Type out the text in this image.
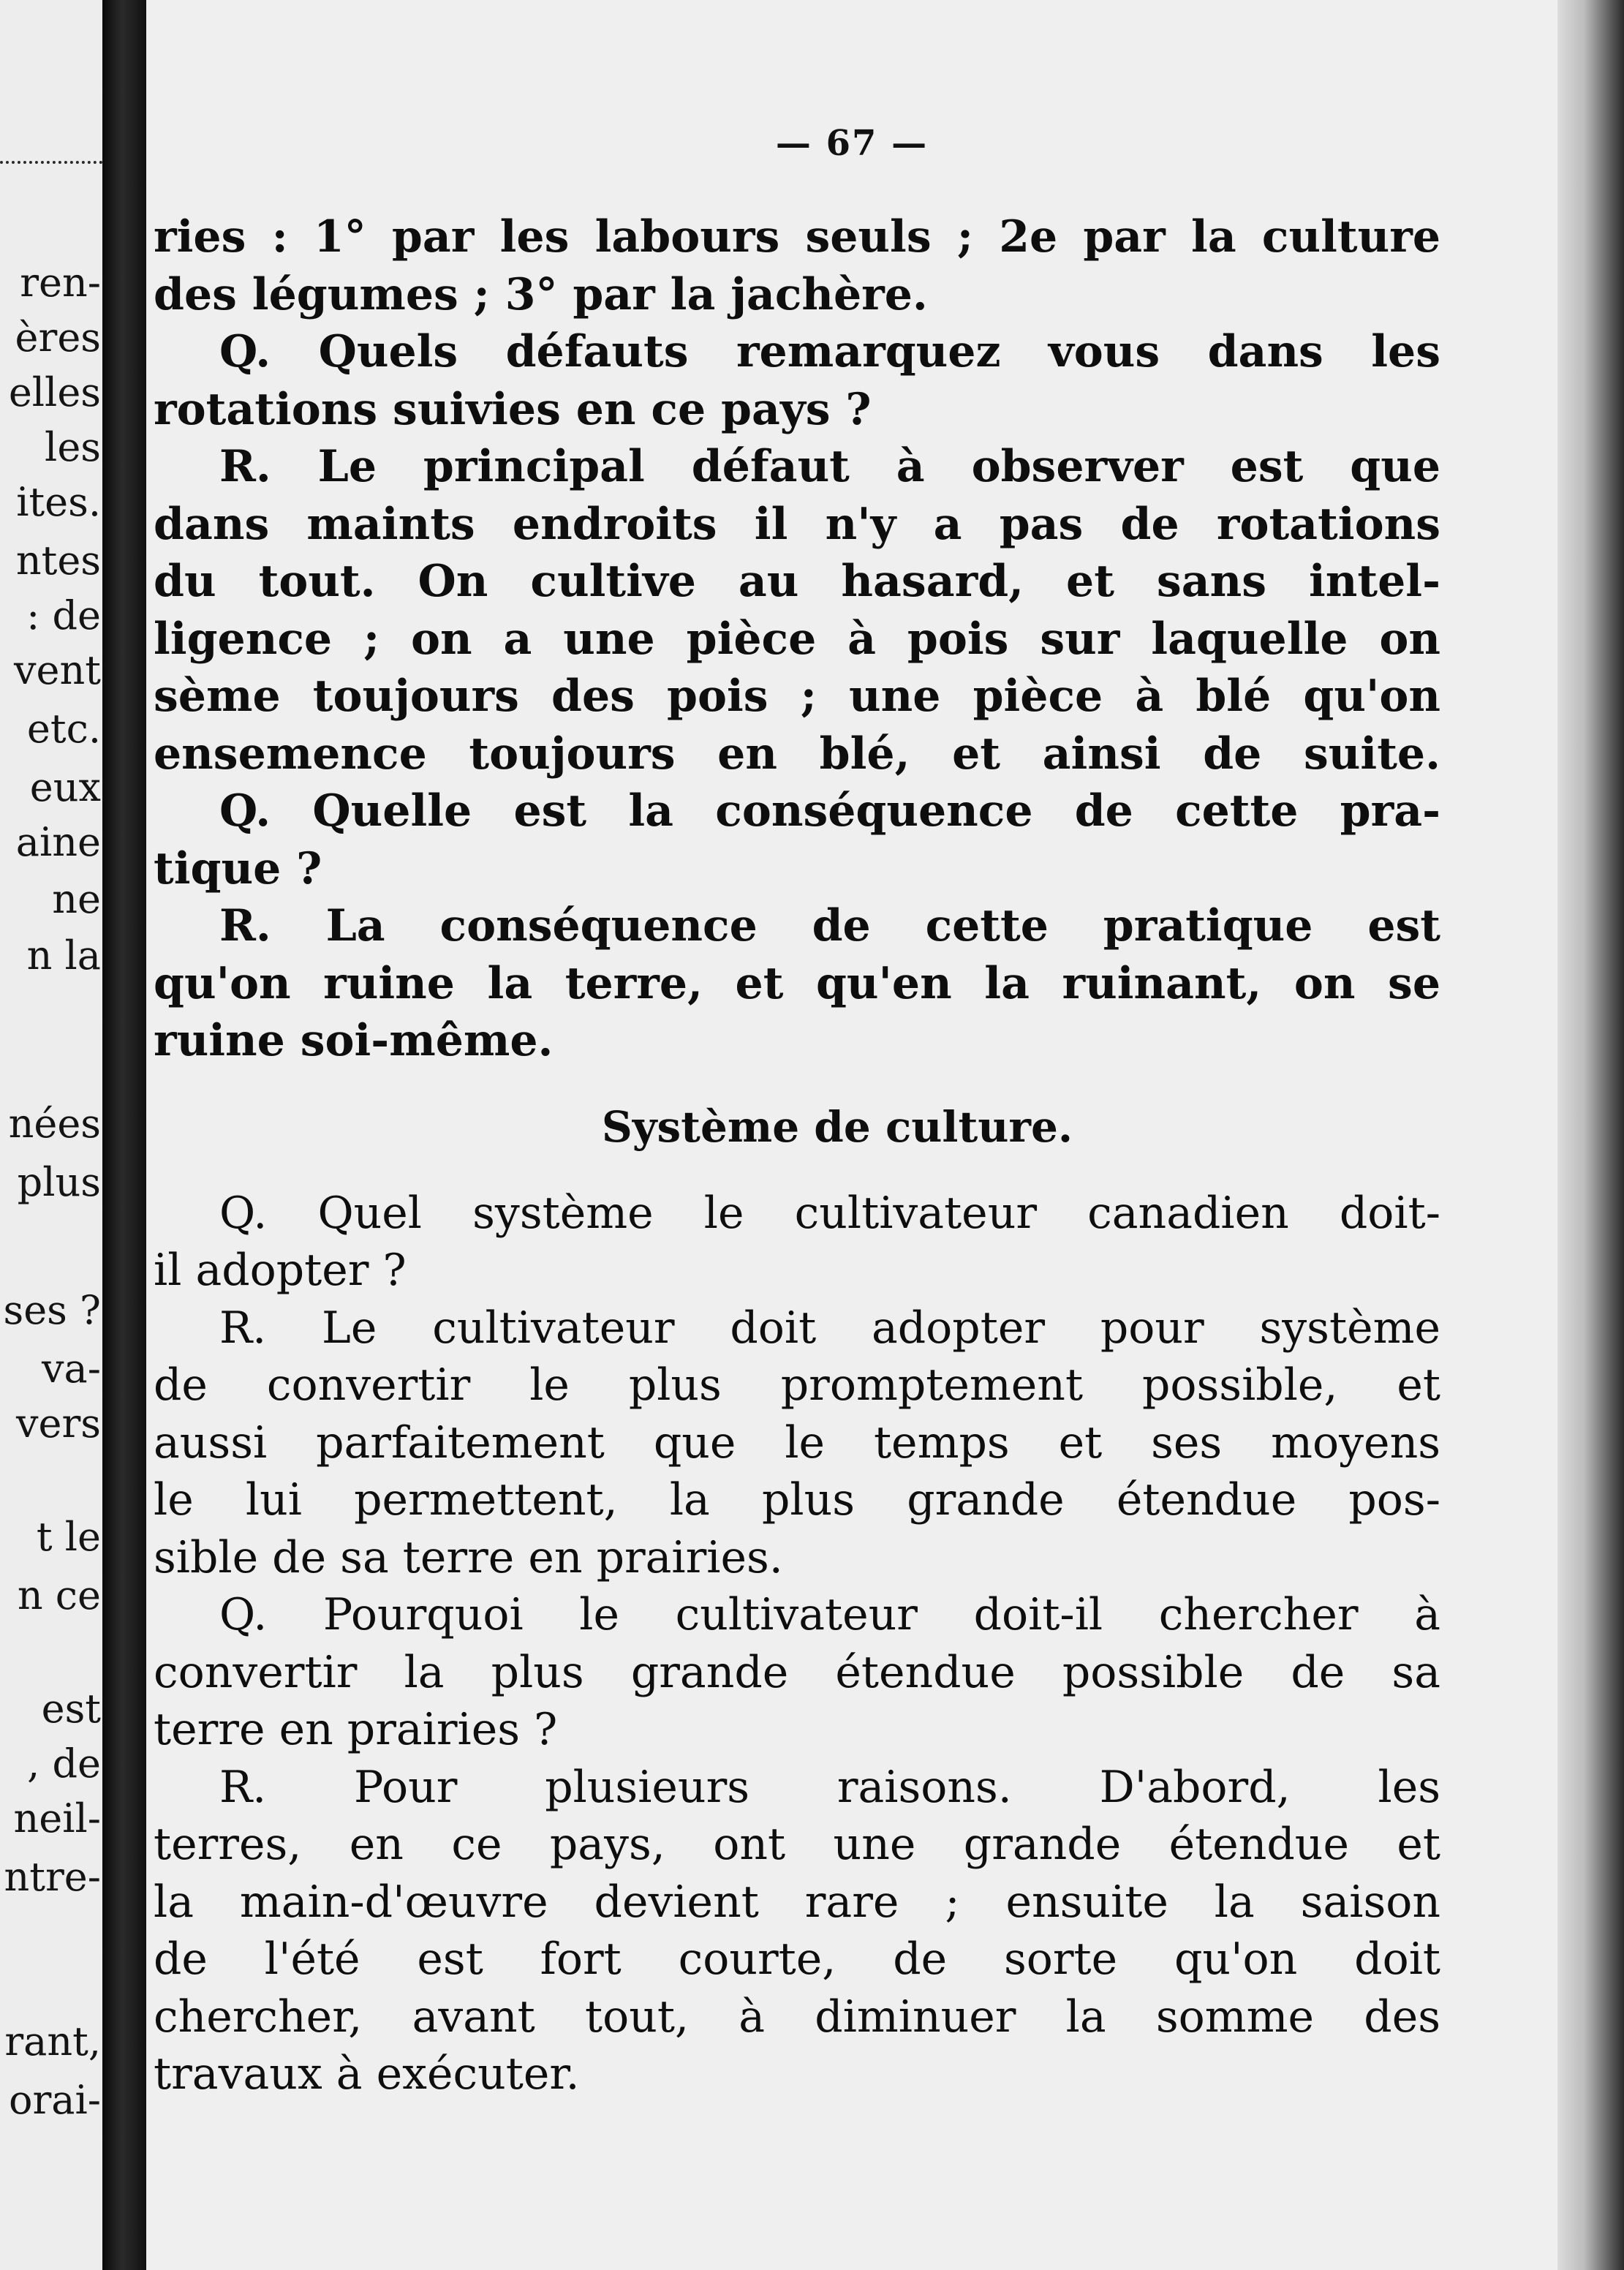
ren-
ères
elles
les
ites.
ntes
: de
vent
etc.
eux
aine
ne
n la
nées
plus
ses ?
va-
vers
t le
n ce
est
, de
neil-
ntre-
rant,
orai-
— 67 —
ries : 1° par les labours seuls ; 2e par la culture
des légumes ; 3° par la jachère.
Q. Quels défauts remarquez vous dans les
rotations suivies en ce pays ?
R. Le principal défaut à observer est que
dans maints endroits il n'y a pas de rotations
du tout. On cultive au hasard, et sans intel-
ligence ; on a une pièce à pois sur laquelle on
sème toujours des pois ; une pièce à blé qu'on
ensemence toujours en blé, et ainsi de suite.
Q. Quelle est la conséquence de cette pra-
tique ?
R. La conséquence de cette pratique est
qu'on ruine la terre, et qu'en la ruinant, on se
ruine soi-même.
Système de culture.
Q. Quel système le cultivateur canadien doit-
il adopter ?
R. Le cultivateur doit adopter pour système
de convertir le plus promptement possible, et
aussi parfaitement que le temps et ses moyens
le lui permettent, la plus grande étendue pos-
sible de sa terre en prairies.
Q. Pourquoi le cultivateur doit-il chercher à
convertir la plus grande étendue possible de sa
terre en prairies ?
R. Pour plusieurs raisons. D'abord, les
terres, en ce pays, ont une grande étendue et
la main-d'œuvre devient rare ; ensuite la saison
de l'été est fort courte, de sorte qu'on doit
chercher, avant tout, à diminuer la somme des
travaux à exécuter.
